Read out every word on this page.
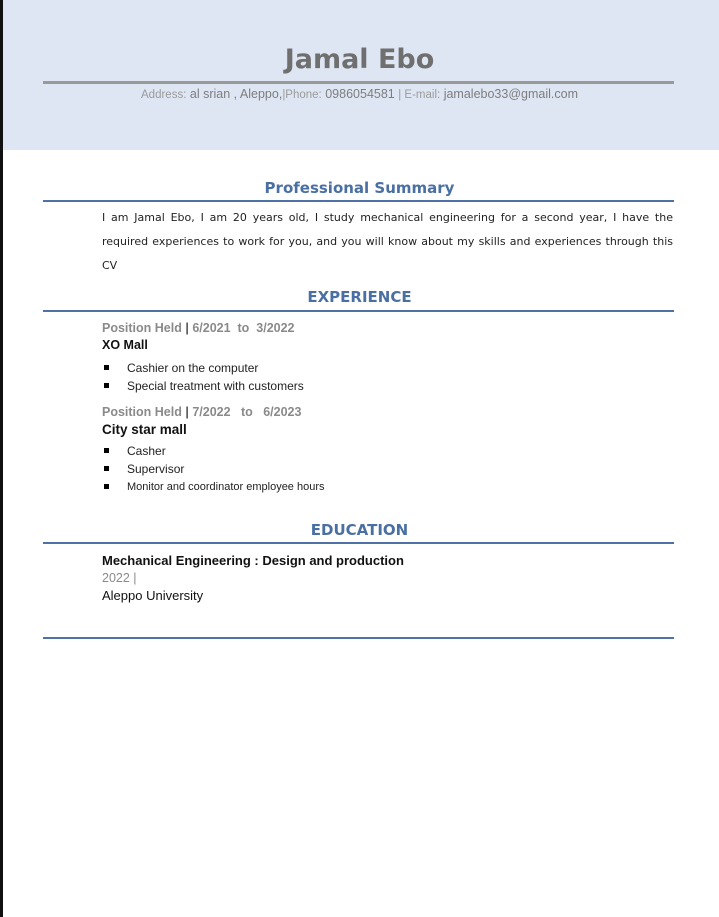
Jamal Ebo
Address: al srian , Aleppo,|Phone: 0986054581 | E-mail: jamalebo33@gmail.com
Professional Summary
I am Jamal Ebo, I am 20 years old, I study mechanical engineering for a second year, I have the required experiences to work for you, and you will know about my skills and experiences through this CV
EXPERIENCE
Position Held | 6/2021  to  3/2022
XO Mall
Cashier on the computer
Special treatment with customers
Position Held | 7/2022   to   6/2023
City star mall
Casher
Supervisor
Monitor and coordinator employee hours
EDUCATION
Mechanical Engineering : Design and production
2022 |
Aleppo University
